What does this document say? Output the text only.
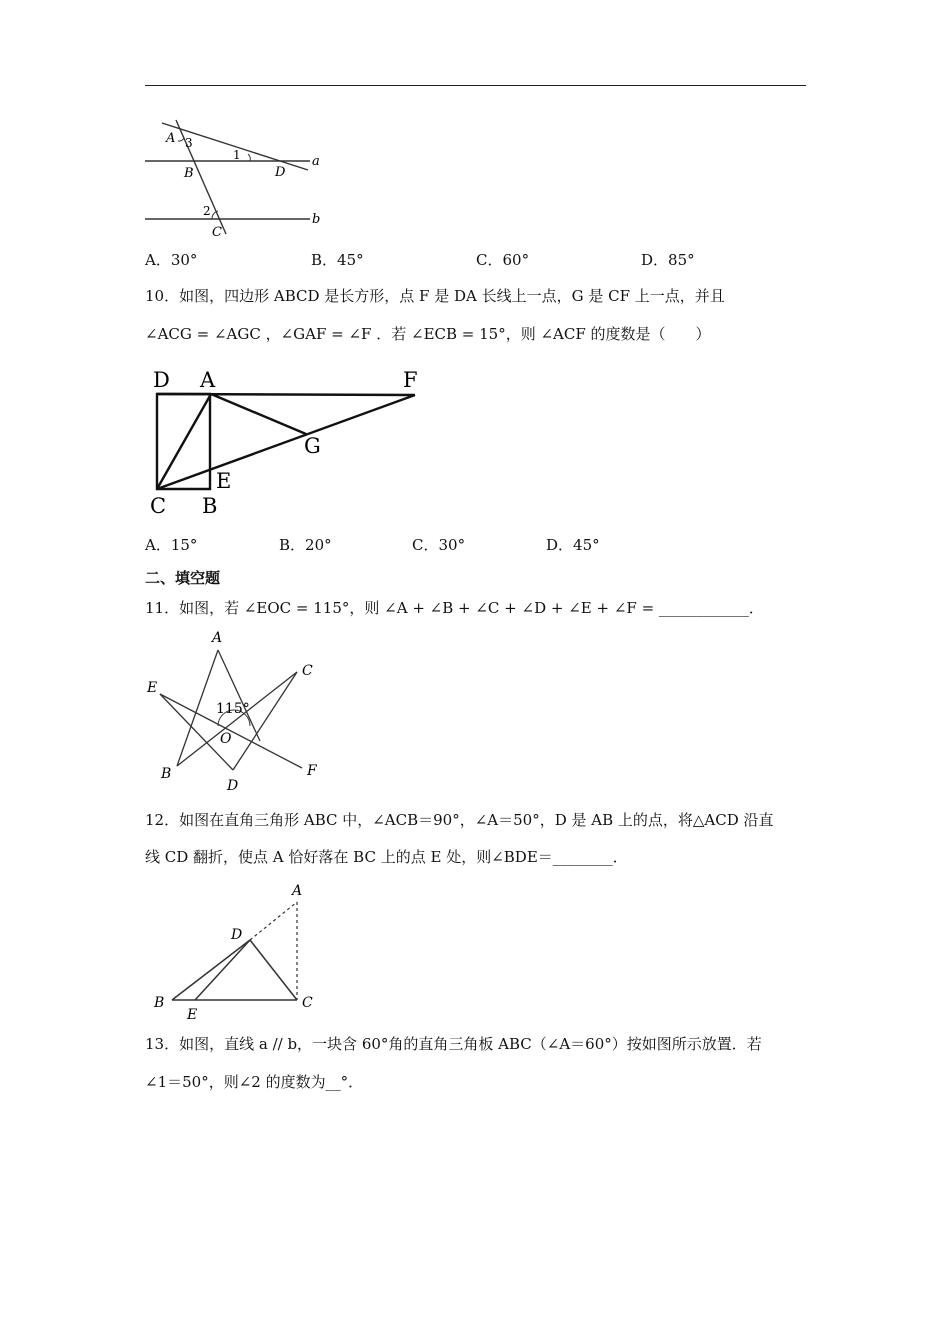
A 3
1
B	D
a
2
C
b
A．30°	B．45°	C．60°	D．85°
10．如图，四边形 ABCD 是长方形，点 F 是 DA 长线上一点，G 是 CF 上一点，并且
∠ACG = ∠AGC ，∠GAF = ∠F ．若 ∠ECB = 15°，则 ∠ACF 的度数是（　　）
D A	F
G
E
C B
A．15°	B．20°	C．30°	D．45°
二、填空题
11．如图，若 ∠EOC = 115°，则 ∠A + ∠B + ∠C + ∠D + ∠E + ∠F = ____________．
A
C
E
115°
O
B
D
F
12．如图在直角三角形 ABC 中，∠ACB＝90°，∠A＝50°，D 是 AB 上的点，将△ACD 沿直
线 CD 翻折，使点 A 恰好落在 BC 上的点 E 处，则∠BDE＝________．
A
D
B
E
C
13．如图，直线 a // b，一块含 60°角的直角三角板 ABC（∠A＝60°）按如图所示放置．若
∠1＝50°，则∠2 的度数为__°．
